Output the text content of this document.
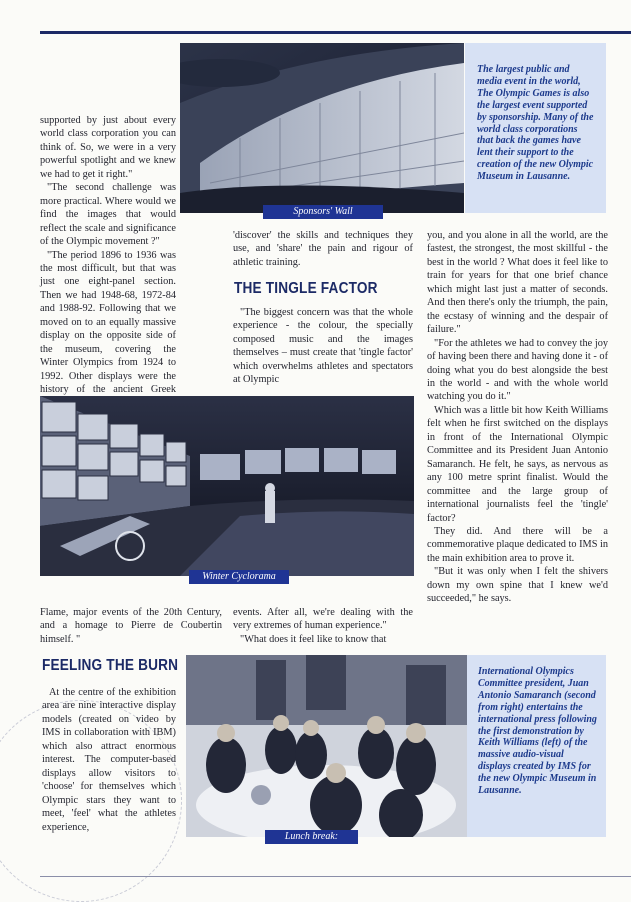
Sponsors' Wall
The largest public and media event in the world, The Olympic Games is also the largest event supported by sponsorship. Many of the world class corporations that back the games have lent their support to the creation of the new Olympic Museum in Lausanne.

supported by just about every world class corporation you can think of. So, we were in a very powerful spotlight and we knew we had to get it right."

"The second challenge was more practical. Where would we find the images that would reflect the scale and significance of the Olympic movement ?"

"The period 1896 to 1936 was the most difficult, but that was just one eight-panel section. Then we had 1948-68, 1972-84 and 1988-92. Following that we moved on to an equally massive display on the opposite side of the museum, covering the Winter Olympics from 1924 to 1992. Other displays were the history of the ancient Greek

'discover' the skills and techniques they use, and 'share' the pain and rigour of athletic training.

THE TINGLE FACTOR

"The biggest concern was that the whole experience - the colour, the specially composed music and the images themselves – must create that 'tingle factor' which overwhelms athletes and spectators at Olympic

you, and you alone in all the world, are the fastest, the strongest, the most skillful - the best in the world ? What does it feel like to train for years for that one brief chance which might last just a matter of seconds. And then there's only the triumph, the pain, the ecstasy of winning and the despair of failure."

"For the athletes we had to convey the joy of having been there and having done it - of doing what you do best alongside the best in the world - and with the whole world watching you do it."

Which was a little bit how Keith Williams felt when he first switched on the displays in front of the International Olympic Committee and its President Juan Antonio Samaranch. He felt, he says, as nervous as any 100 metre sprint finalist. Would the committee and the large group of international journalists feel the 'tingle' factor?

They did. And there will be a commemorative plaque dedicated to IMS in the main exhibition area to prove it.

"But it was only when I felt the shivers down my own spine that I knew we'd succeeded," he says.

Winter Cyclorama

Flame, major events of the 20th Century, and a homage to Pierre de Coubertin himself. "

events. After all, we're dealing with the very extremes of human experience."

"What does it feel like to know that

FEELING THE BURN

At the centre of the exhibition area are nine interactive display models (created on video by IMS in collaboration with IBM) which also attract enormous interest. The computer-based displays allow visitors to 'choose' for themselves which Olympic stars they want to meet, 'feel' what the athletes experience,

Lunch break:
International Olympics Committee president, Juan Antonio Samaranch (second from right) entertains the international press following the first demonstration by Keith Williams (left) of the massive audio-visual displays created by IMS for the new Olympic Museum in Lausanne.
